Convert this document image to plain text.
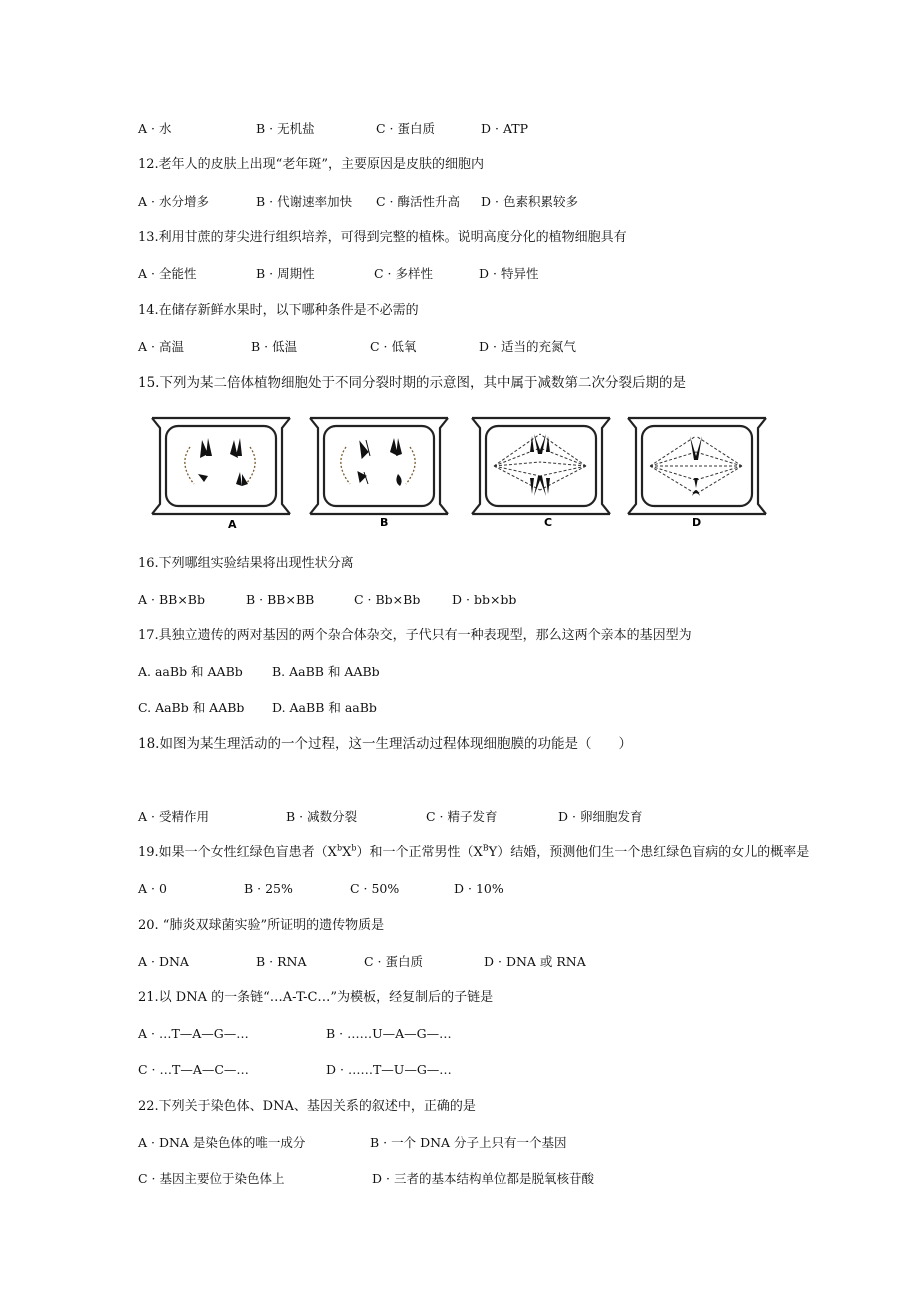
A · 水	B · 无机盐	C · 蛋白质	D · ATP
12.老年人的皮肤上出现“老年斑”，主要原因是皮肤的细胞内
A · 水分增多	B · 代谢速率加快 C · 酶活性升高 D · 色素积累较多
13.利用甘蔗的芽尖进行组织培养，可得到完整的植株。说明高度分化的植物细胞具有
A · 全能性	B · 周期性	C · 多样性	D · 特异性
14.在储存新鲜水果时，以下哪种条件是不必需的
A · 高温	B · 低温	C · 低氧	D · 适当的充氮气
15.下列为某二倍体植物细胞处于不同分裂时期的示意图，其中属于减数第二次分裂后期的是
A	B	C	D
16.下列哪组实验结果将出现性状分离
A · BB×Bb	B · BB×BB	C · Bb×Bb	D · bb×bb
17.具独立遗传的两对基因的两个杂合体杂交，子代只有一种表现型，那么这两个亲本的基因型为
A. aaBb 和 AABb B. AaBB 和 AABb
C. AaBb 和 AABb D. AaBB 和 aaBb
18.如图为某生理活动的一个过程，这一生理活动过程体现细胞膜的功能是（　　）
A · 受精作用	B · 减数分裂	C · 精子发育	D · 卵细胞发育
19.如果一个女性红绿色盲患者$(X^bX^b)$和一个正常男性$(X^BY)$结婚，预测他们生一个患红绿色盲病的女儿的概率是
A · 0	B · 25%	C · 50%	D · 10%
20. “肺炎双球菌实验”所证明的遗传物质是
A · DNA	B · RNA	C · 蛋白质	D · DNA 或 RNA
21.以 DNA 的一条链“…A-T-C…”为模板，经复制后的子链是
A · …T—A—G—…	B · ……U—A—G—…
C · …T—A—C—…	D · ……T—U—G—…
22.下列关于染色体、DNA、基因关系的叙述中，正确的是
A · DNA 是染色体的唯一成分	B · 一个 DNA 分子上只有一个基因
C · 基因主要位于染色体上	D · 三者的基本结构单位都是脱氧核苷酸
